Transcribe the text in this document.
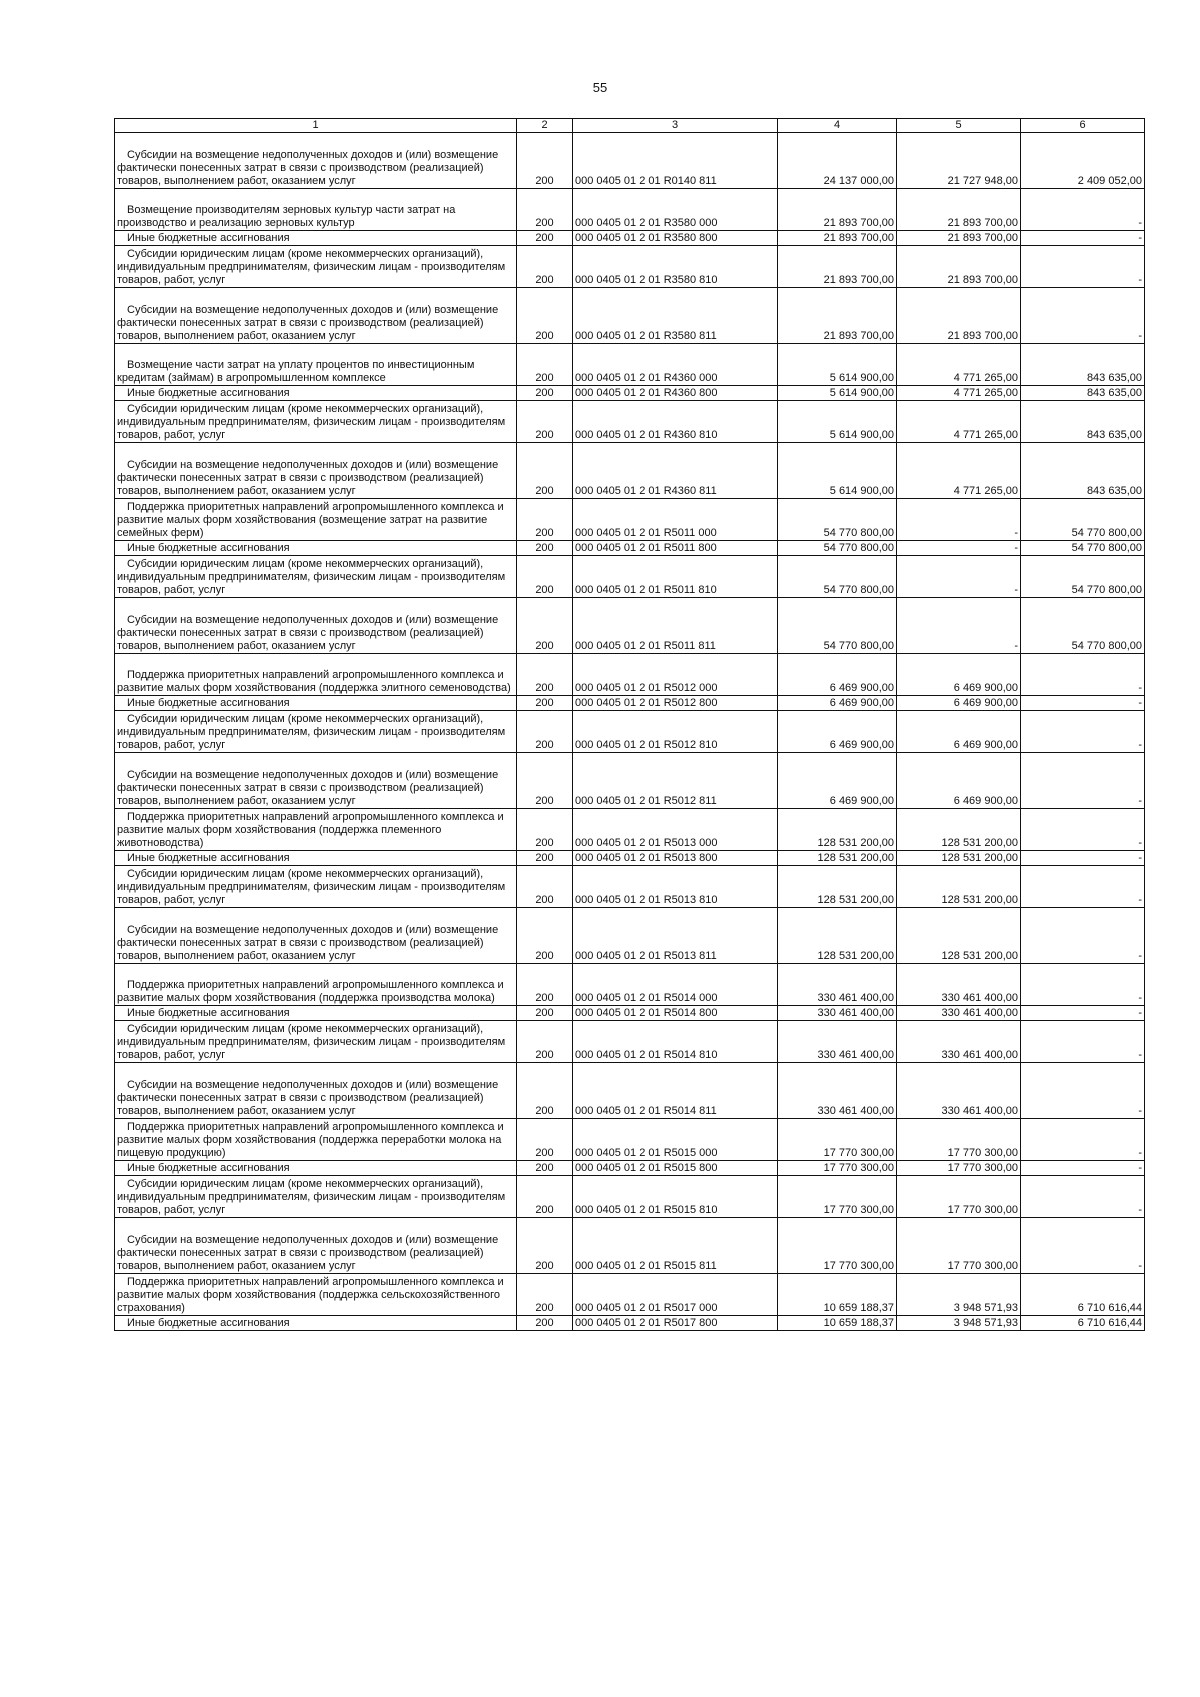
55
1	2	3	4	5	6
Субсидии на возмещение недополученных доходов и (или) возмещение фактически понесенных затрат в связи с производством (реализацией) товаров, выполнением работ, оказанием услуг	200	000 0405 01 2 01 R0140 811	24 137 000,00	21 727 948,00	2 409 052,00
Возмещение производителям зерновых культур части затрат на производство и реализацию зерновых культур	200	000 0405 01 2 01 R3580 000	21 893 700,00	21 893 700,00	-
Иные бюджетные ассигнования	200	000 0405 01 2 01 R3580 800	21 893 700,00	21 893 700,00	-
Субсидии юридическим лицам (кроме некоммерческих организаций), индивидуальным предпринимателям, физическим лицам - производителям товаров, работ, услуг	200	000 0405 01 2 01 R3580 810	21 893 700,00	21 893 700,00	-
Субсидии на возмещение недополученных доходов и (или) возмещение фактически понесенных затрат в связи с производством (реализацией) товаров, выполнением работ, оказанием услуг	200	000 0405 01 2 01 R3580 811	21 893 700,00	21 893 700,00	-
Возмещение части затрат на уплату процентов по инвестиционным кредитам (займам) в агропромышленном комплексе	200	000 0405 01 2 01 R4360 000	5 614 900,00	4 771 265,00	843 635,00
Иные бюджетные ассигнования	200	000 0405 01 2 01 R4360 800	5 614 900,00	4 771 265,00	843 635,00
Субсидии юридическим лицам (кроме некоммерческих организаций), индивидуальным предпринимателям, физическим лицам - производителям товаров, работ, услуг	200	000 0405 01 2 01 R4360 810	5 614 900,00	4 771 265,00	843 635,00
Субсидии на возмещение недополученных доходов и (или) возмещение фактически понесенных затрат в связи с производством (реализацией) товаров, выполнением работ, оказанием услуг	200	000 0405 01 2 01 R4360 811	5 614 900,00	4 771 265,00	843 635,00
Поддержка приоритетных направлений агропромышленного комплекса и развитие малых форм хозяйствования (возмещение затрат на развитие семейных ферм)	200	000 0405 01 2 01 R5011 000	54 770 800,00	-	54 770 800,00
Иные бюджетные ассигнования	200	000 0405 01 2 01 R5011 800	54 770 800,00	-	54 770 800,00
Субсидии юридическим лицам (кроме некоммерческих организаций), индивидуальным предпринимателям, физическим лицам - производителям товаров, работ, услуг	200	000 0405 01 2 01 R5011 810	54 770 800,00	-	54 770 800,00
Субсидии на возмещение недополученных доходов и (или) возмещение фактически понесенных затрат в связи с производством (реализацией) товаров, выполнением работ, оказанием услуг	200	000 0405 01 2 01 R5011 811	54 770 800,00	-	54 770 800,00
Поддержка приоритетных направлений агропромышленного комплекса и развитие малых форм хозяйствования (поддержка элитного семеноводства)	200	000 0405 01 2 01 R5012 000	6 469 900,00	6 469 900,00	-
Иные бюджетные ассигнования	200	000 0405 01 2 01 R5012 800	6 469 900,00	6 469 900,00	-
Субсидии юридическим лицам (кроме некоммерческих организаций), индивидуальным предпринимателям, физическим лицам - производителям товаров, работ, услуг	200	000 0405 01 2 01 R5012 810	6 469 900,00	6 469 900,00	-
Субсидии на возмещение недополученных доходов и (или) возмещение фактически понесенных затрат в связи с производством (реализацией) товаров, выполнением работ, оказанием услуг	200	000 0405 01 2 01 R5012 811	6 469 900,00	6 469 900,00	-
Поддержка приоритетных направлений агропромышленного комплекса и развитие малых форм хозяйствования (поддержка племенного животноводства)	200	000 0405 01 2 01 R5013 000	128 531 200,00	128 531 200,00	-
Иные бюджетные ассигнования	200	000 0405 01 2 01 R5013 800	128 531 200,00	128 531 200,00	-
Субсидии юридическим лицам (кроме некоммерческих организаций), индивидуальным предпринимателям, физическим лицам - производителям товаров, работ, услуг	200	000 0405 01 2 01 R5013 810	128 531 200,00	128 531 200,00	-
Субсидии на возмещение недополученных доходов и (или) возмещение фактически понесенных затрат в связи с производством (реализацией) товаров, выполнением работ, оказанием услуг	200	000 0405 01 2 01 R5013 811	128 531 200,00	128 531 200,00	-
Поддержка приоритетных направлений агропромышленного комплекса и развитие малых форм хозяйствования (поддержка производства молока)	200	000 0405 01 2 01 R5014 000	330 461 400,00	330 461 400,00	-
Иные бюджетные ассигнования	200	000 0405 01 2 01 R5014 800	330 461 400,00	330 461 400,00	-
Субсидии юридическим лицам (кроме некоммерческих организаций), индивидуальным предпринимателям, физическим лицам - производителям товаров, работ, услуг	200	000 0405 01 2 01 R5014 810	330 461 400,00	330 461 400,00	-
Субсидии на возмещение недополученных доходов и (или) возмещение фактически понесенных затрат в связи с производством (реализацией) товаров, выполнением работ, оказанием услуг	200	000 0405 01 2 01 R5014 811	330 461 400,00	330 461 400,00	-
Поддержка приоритетных направлений агропромышленного комплекса и развитие малых форм хозяйствования (поддержка переработки молока на пищевую продукцию)	200	000 0405 01 2 01 R5015 000	17 770 300,00	17 770 300,00	-
Иные бюджетные ассигнования	200	000 0405 01 2 01 R5015 800	17 770 300,00	17 770 300,00	-
Субсидии юридическим лицам (кроме некоммерческих организаций), индивидуальным предпринимателям, физическим лицам - производителям товаров, работ, услуг	200	000 0405 01 2 01 R5015 810	17 770 300,00	17 770 300,00	-
Субсидии на возмещение недополученных доходов и (или) возмещение фактически понесенных затрат в связи с производством (реализацией) товаров, выполнением работ, оказанием услуг	200	000 0405 01 2 01 R5015 811	17 770 300,00	17 770 300,00	-
Поддержка приоритетных направлений агропромышленного комплекса и развитие малых форм хозяйствования (поддержка сельскохозяйственного страхования)	200	000 0405 01 2 01 R5017 000	10 659 188,37	3 948 571,93	6 710 616,44
Иные бюджетные ассигнования	200	000 0405 01 2 01 R5017 800	10 659 188,37	3 948 571,93	6 710 616,44
